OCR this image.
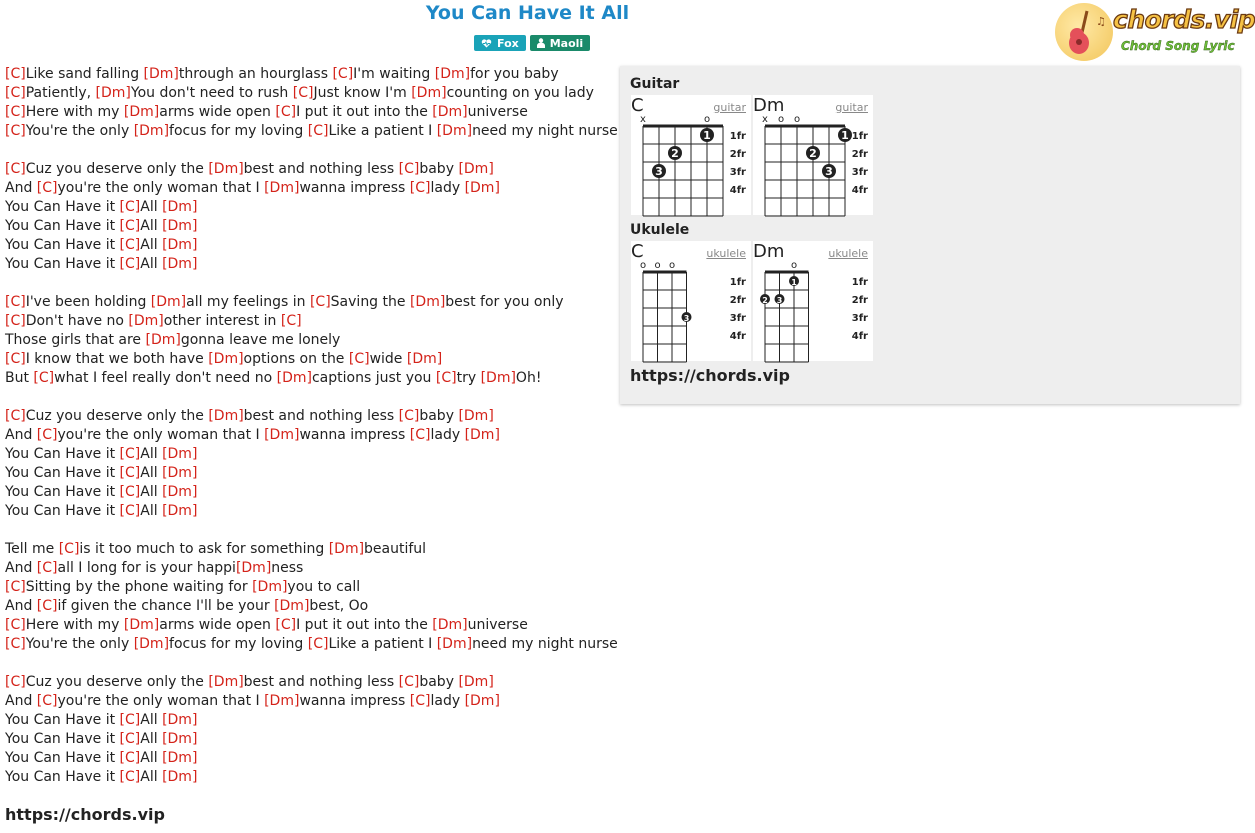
You Can Have It All
Fox	Maoli
♫ chords.vip
Chord Song Lyric
[C]Like sand falling [Dm]through an hourglass [C]I'm waiting [Dm]for you baby
[C]Patiently, [Dm]You don't need to rush [C]Just know I'm [Dm]counting on you lady
[C]Here with my [Dm]arms wide open [C]I put it out into the [Dm]universe
[C]You're the only [Dm]focus for my loving [C]Like a patient I [Dm]need my night nurse
[C]Cuz you deserve only the [Dm]best and nothing less [C]baby [Dm]
And [C]you're the only woman that I [Dm]wanna impress [C]lady [Dm]
You Can Have it [C]All [Dm]
You Can Have it [C]All [Dm]
You Can Have it [C]All [Dm]
You Can Have it [C]All [Dm]
[C]I've been holding [Dm]all my feelings in [C]Saving the [Dm]best for you only
[C]Don't have no [Dm]other interest in [C]
Those girls that are [Dm]gonna leave me lonely
[C]I know that we both have [Dm]options on the [C]wide [Dm]
But [C]what I feel really don't need no [Dm]captions just you [C]try [Dm]Oh!
[C]Cuz you deserve only the [Dm]best and nothing less [C]baby [Dm]
And [C]you're the only woman that I [Dm]wanna impress [C]lady [Dm]
You Can Have it [C]All [Dm]
You Can Have it [C]All [Dm]
You Can Have it [C]All [Dm]
You Can Have it [C]All [Dm]
Tell me [C]is it too much to ask for something [Dm]beautiful
And [C]all I long for is your happi[Dm]ness
[C]Sitting by the phone waiting for [Dm]you to call
And [C]if given the chance I'll be your [Dm]best, Oo
[C]Here with my [Dm]arms wide open [C]I put it out into the [Dm]universe
[C]You're the only [Dm]focus for my loving [C]Like a patient I [Dm]need my night nurse
[C]Cuz you deserve only the [Dm]best and nothing less [C]baby [Dm]
And [C]you're the only woman that I [Dm]wanna impress [C]lady [Dm]
You Can Have it [C]All [Dm]
You Can Have it [C]All [Dm]
You Can Have it [C]All [Dm]
You Can Have it [C]All [Dm]
https://chords.vip
Guitar
x	o
1
2
3
1fr
2fr
3fr
4fr
C	guitar
x o o
1
2
3
1fr
2fr
3fr
4fr
Dm	guitar
Ukulele
o o o
3
1fr
2fr
3fr
4fr
C	ukulele
o
2 3
1	1fr
2fr
3fr
4fr
Dm	ukulele
https://chords.vip
